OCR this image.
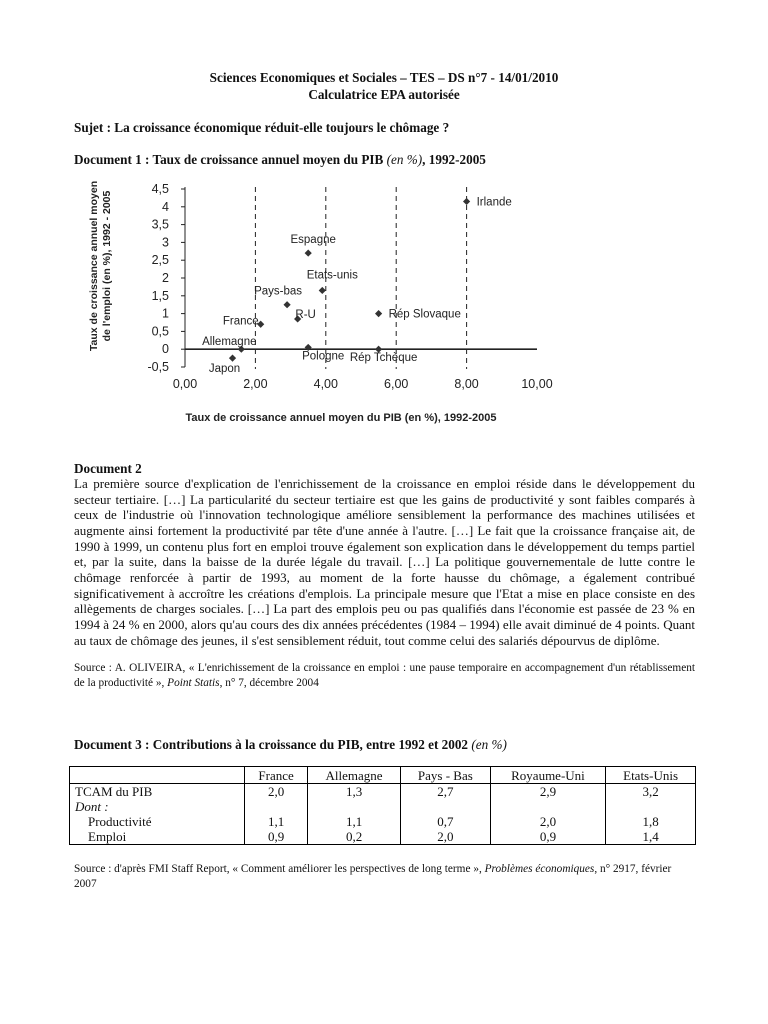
Sciences Economiques et Sociales – TES – DS n°7 - 14/01/2010
Calculatrice EPA autorisée
Sujet : La croissance économique réduit-elle toujours le chômage ?
Document 1 : Taux de croissance annuel moyen du PIB (en %), 1992-2005
-0,5
0
0,5
1
1,5
2
2,5
3
3,5
4
4,5
0,00	2,00	4,00	6,00	8,00	10,00
Taux de croissance annuel moyen du PIB (en %), 1992-2005
Taux de croissance annuel moyen de l'emploi (en %), 1992 - 2005	Irlande
Espagne
Etats-unis
Pays-bas
R-U
France
Rép Slovaque
Allemagne
Japon
Pologne Rép Tchèque
Document 2
La première source d'explication de l'enrichissement de la croissance en emploi réside dans le développement du secteur tertiaire. […] La particularité du secteur tertiaire est que les gains de productivité y sont faibles comparés à ceux de l'industrie où l'innovation technologique améliore sensiblement la performance des machines utilisées et augmente ainsi fortement la productivité par tête d'une année à l'autre. […] Le fait que la croissance française ait, de 1990 à 1999, un contenu plus fort en emploi trouve également son explication dans le développement du temps partiel et, par la suite, dans la baisse de la durée légale du travail. […] La politique gouvernementale de lutte contre le chômage renforcée à partir de 1993, au moment de la forte hausse du chômage, a également contribué significativement à accroître les créations d'emplois. La principale mesure que l'Etat a mise en place consiste en des allègements de charges sociales. […] La part des emplois peu ou pas qualifiés dans l'économie est passée de 23 % en 1994 à 24 % en 2000, alors qu'au cours des dix années précédentes (1984 – 1994) elle avait diminué de 4 points. Quant au taux de chômage des jeunes, il s'est sensiblement réduit, tout comme celui des salariés dépourvus de diplôme.
Source : A. OLIVEIRA, « L'enrichissement de la croissance en emploi : une pause temporaire en accompagnement d'un rétablissement de la productivité », Point Statis, n° 7, décembre 2004
Document 3 : Contributions à la croissance du PIB, entre 1992 et 2002 (en %)
	France	Allemagne	Pays - Bas	Royaume-Uni	Etats-Unis
TCAM du PIB	2,0	1,3	2,7	2,9	3,2
Dont :					
Productivité	1,1	1,1	0,7	2,0	1,8
Emploi	0,9	0,2	2,0	0,9	1,4
Source : d'après FMI Staff Report, « Comment améliorer les perspectives de long terme », Problèmes économiques, n° 2917, février 2007
